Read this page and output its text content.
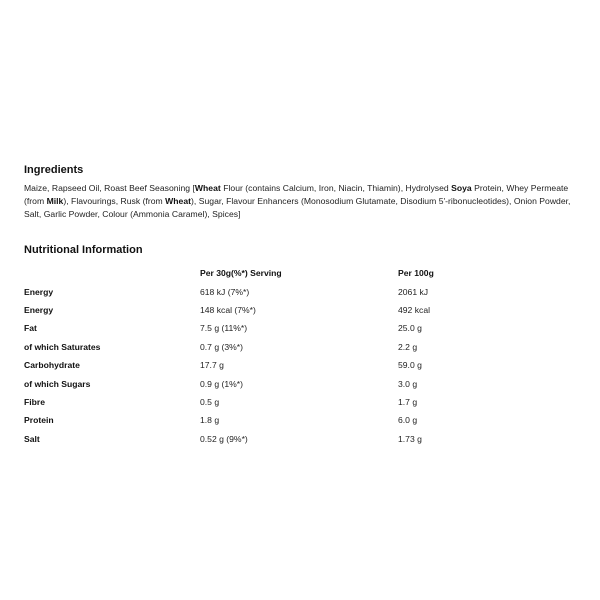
Ingredients

Maize, Rapseed Oil, Roast Beef Seasoning [Wheat Flour (contains Calcium, Iron, Niacin, Thiamin), Hydrolysed Soya Protein, Whey Permeate (from Milk), Flavourings, Rusk (from Wheat), Sugar, Flavour Enhancers (Monosodium Glutamate, Disodium 5'-ribonucleotides), Onion Powder, Salt, Garlic Powder, Colour (Ammonia Caramel), Spices]

Nutritional Information
	Per 30g(%*) Serving	Per 100g
Energy	618 kJ (7%*)	2061 kJ
Energy	148 kcal (7%*)	492 kcal
Fat	7.5 g (11%*)	25.0 g
of which Saturates	0.7 g (3%*)	2.2 g
Carbohydrate	17.7 g	59.0 g
of which Sugars	0.9 g (1%*)	3.0 g
Fibre	0.5 g	1.7 g
Protein	1.8 g	6.0 g
Salt	0.52 g (9%*)	1.73 g
